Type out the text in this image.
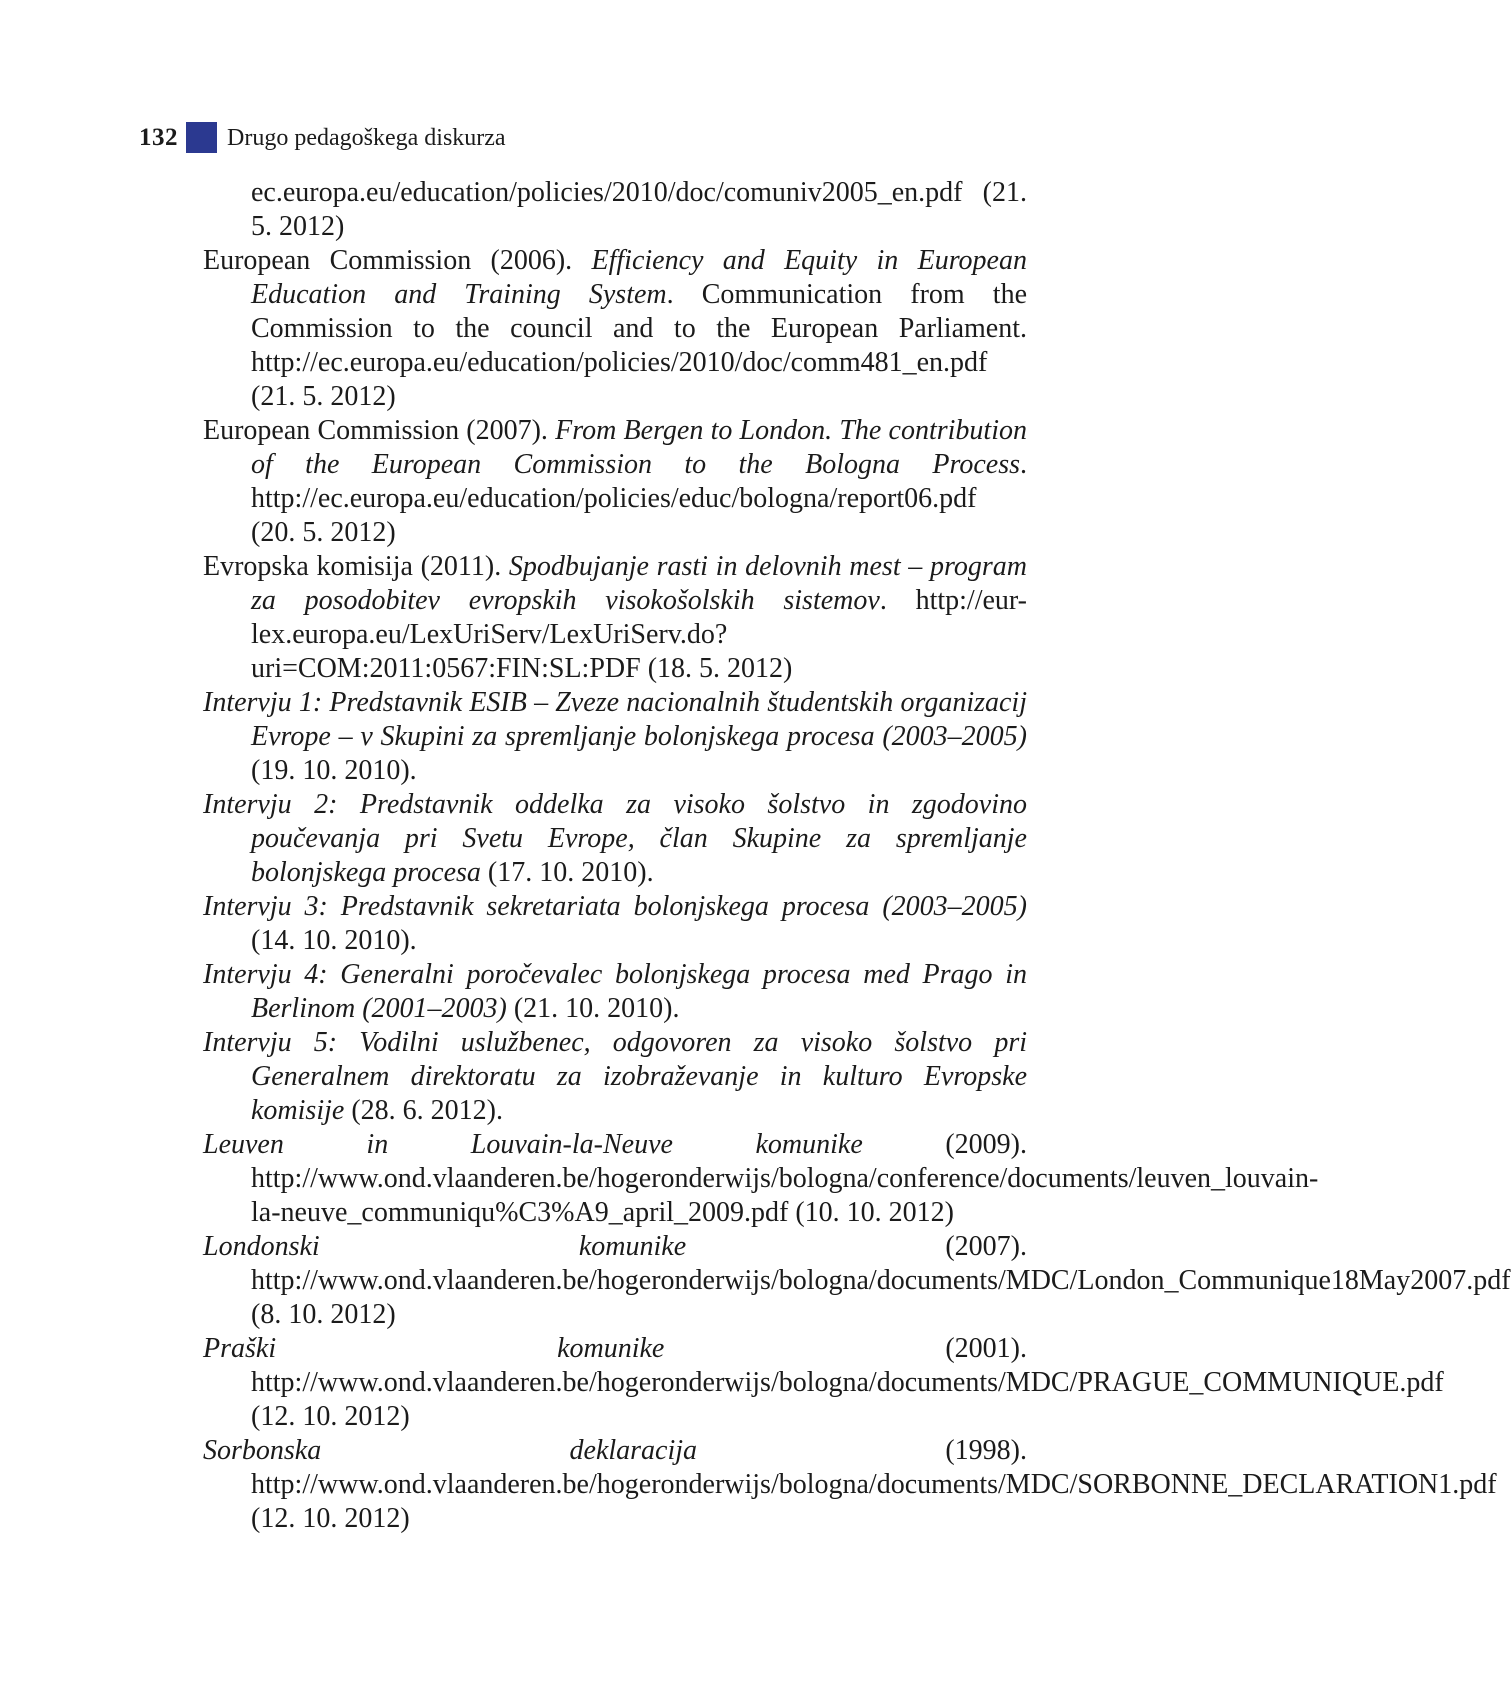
132 Drugo pedagoškega diskurza

ec.europa.eu/education/policies/2010/doc/comuniv2005_en.pdf (21. 5. 2012)

European Commission (2006). Efficiency and Equity in European Education and Training System. Communication from the Commission to the council and to the European Parliament. http://ec.europa.eu/education/policies/2010/doc/comm481_en.pdf (21. 5. 2012)

European Commission (2007). From Bergen to London. The contribution of the European Commission to the Bologna Process. http://ec.europa.eu/education/policies/educ/bologna/report06.pdf (20. 5. 2012)

Evropska komisija (2011). Spodbujanje rasti in delovnih mest – program za posodobitev evropskih visokošolskih sistemov. http://eur-lex.europa.eu/LexUriServ/LexUriServ.do?uri=COM:2011:0567:FIN:SL:PDF (18. 5. 2012)

Intervju 1: Predstavnik ESIB – Zveze nacionalnih študentskih organizacij Evrope – v Skupini za spremljanje bolonjskega procesa (2003–2005) (19. 10. 2010).

Intervju 2: Predstavnik oddelka za visoko šolstvo in zgodovino poučevanja pri Svetu Evrope, član Skupine za spremljanje bolonjskega procesa (17. 10. 2010).

Intervju 3: Predstavnik sekretariata bolonjskega procesa (2003–2005) (14. 10. 2010).

Intervju 4: Generalni poročevalec bolonjskega procesa med Prago in Berlinom (2001–2003) (21. 10. 2010).

Intervju 5: Vodilni uslužbenec, odgovoren za visoko šolstvo pri Generalnem direktoratu za izobraževanje in kulturo Evropske komisije (28. 6. 2012).

Leuven in Louvain-la-Neuve komunike (2009). http://www.ond.vlaanderen.be/hogeronderwijs/bologna/conference/documents/leuven_louvain-la-neuve_communiqu%C3%A9_april_2009.pdf (10. 10. 2012)

Londonski komunike (2007). http://www.ond.vlaanderen.be/hogeronderwijs/bologna/documents/MDC/London_Communique18May2007.pdf (8. 10. 2012)

Praški komunike (2001). http://www.ond.vlaanderen.be/hogeronderwijs/bologna/documents/MDC/PRAGUE_COMMUNIQUE.pdf (12. 10. 2012)

Sorbonska deklaracija (1998). http://www.ond.vlaanderen.be/hogeronderwijs/bologna/documents/MDC/SORBONNE_DECLARATION1.pdf (12. 10. 2012)
